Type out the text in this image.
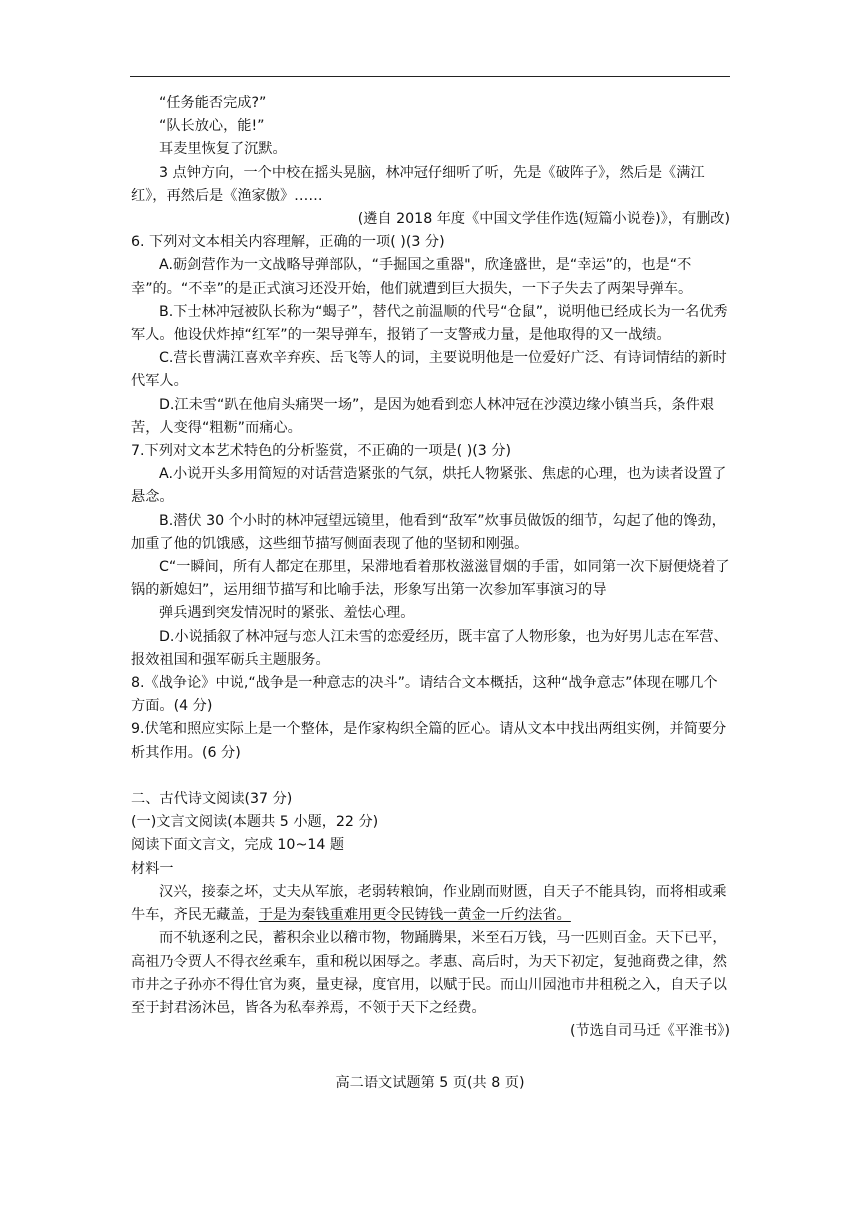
“任务能否完成?”

“队长放心，能!”

耳麦里恢复了沉默。

3 点钟方向，一个中校在摇头晃脑，林冲冠仔细听了听，先是《破阵子》，然后是《满江红》，再然后是《渔家傲》……

(遴自 2018 年度《中国文学佳作选(短篇小说卷)》，有删改)

6. 下列对文本相关内容理解，正确的一项( )(3 分)

A.砺剑营作为一文战略导弹部队，“手掘国之重器"，欣逢盛世，是“幸运”的，也是“不幸”的。“不幸”的是正式演习还没开始，他们就遭到巨大损失，一下子失去了两架导弹车。

B.下士林冲冠被队长称为“蝎子”，替代之前温顺的代号“仓鼠”，说明他已经成长为一名优秀军人。他设伏炸掉“红军”的一架导弹车，报销了一支警戒力量，是他取得的又一战绩。

C.营长曹满江喜欢辛弃疾、岳飞等人的词，主要说明他是一位爱好广泛、有诗词情结的新时代军人。

D.江未雪“趴在他肩头痛哭一场”，是因为她看到恋人林冲冠在沙漠边缘小镇当兵，条件艰苦，人变得“粗粝”而痛心。

7.下列对文本艺术特色的分析鉴赏，不正确的一项是( )(3 分)

A.小说开头多用简短的对话营造紧张的气氛，烘托人物紧张、焦虑的心理，也为读者设置了悬念。

B.潜伏 30 个小时的林冲冠望远镜里，他看到“敌军”炊事员做饭的细节，勾起了他的馋劲，加重了他的饥饿感，这些细节描写侧面表现了他的坚韧和刚强。

C“一瞬间，所有人都定在那里，呆滞地看着那枚滋滋冒烟的手雷，如同第一次下厨便烧着了锅的新媳妇”，运用细节描写和比喻手法，形象写出第一次参加军事演习的导

弹兵遇到突发情况时的紧张、羞怯心理。

D.小说插叙了林冲冠与恋人江未雪的恋爱经历，既丰富了人物形象，也为好男儿志在军营、报效祖国和强军砺兵主题服务。

8.《战争论》中说,“战争是一种意志的决斗”。请结合文本概括，这种“战争意志”体现在哪几个方面。(4 分)

9.伏笔和照应实际上是一个整体，是作家构织全篇的匠心。请从文本中找出两组实例，并简要分析其作用。(6 分)

二、古代诗文阅读(37 分)

(一)文言文阅读(本题共 5 小题，22 分)

阅读下面文言文，完成 10~14 题

材料一

汉兴，接泰之坏，丈夫从军旅，老弱转粮饷，作业剧而财匮，自天子不能具钧，而将相或乘牛车，齐民无藏盖，于是为秦钱重难用更令民铸钱一黄金一斤约法省。

而不轨逐利之民，蓄积余业以稽市物，物踊腾果，米至石万钱，马一匹则百金。天下已平，高祖乃令贾人不得衣丝乘车，重和税以困辱之。孝惠、高后时，为天下初定，复弛商费之律，然市井之子孙亦不得仕官为爽，量吏禄，度官用，以赋于民。而山川园池市井租税之入，自天子以至于封君汤沐邑，皆各为私奉养焉，不领于天下之经费。

(节选自司马迁《平淮书》)

高二语文试题第 5 页(共 8 页)
